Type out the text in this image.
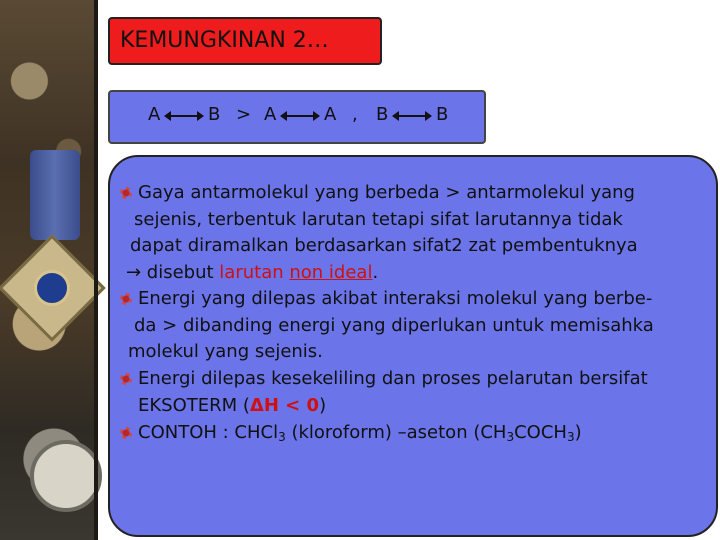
KEMUNGKINAN 2…
A	B > A	A , B	B
Gaya antarmolekul yang berbeda > antarmolekul yang
sejenis, terbentuk larutan tetapi sifat larutannya tidak
dapat diramalkan berdasarkan sifat2 zat pembentuknya
→ disebut larutan non ideal.
Energi yang dilepas akibat interaksi molekul yang berbe-
da > dibanding energi yang diperlukan untuk memisahka
molekul yang sejenis.
Energi dilepas kesekeliling dan proses pelarutan bersifat
EKSOTERM (ΔH < 0)
CONTOH : CHCl$_3$ (kloroform) –aseton $(CH_3COCH_3)$
